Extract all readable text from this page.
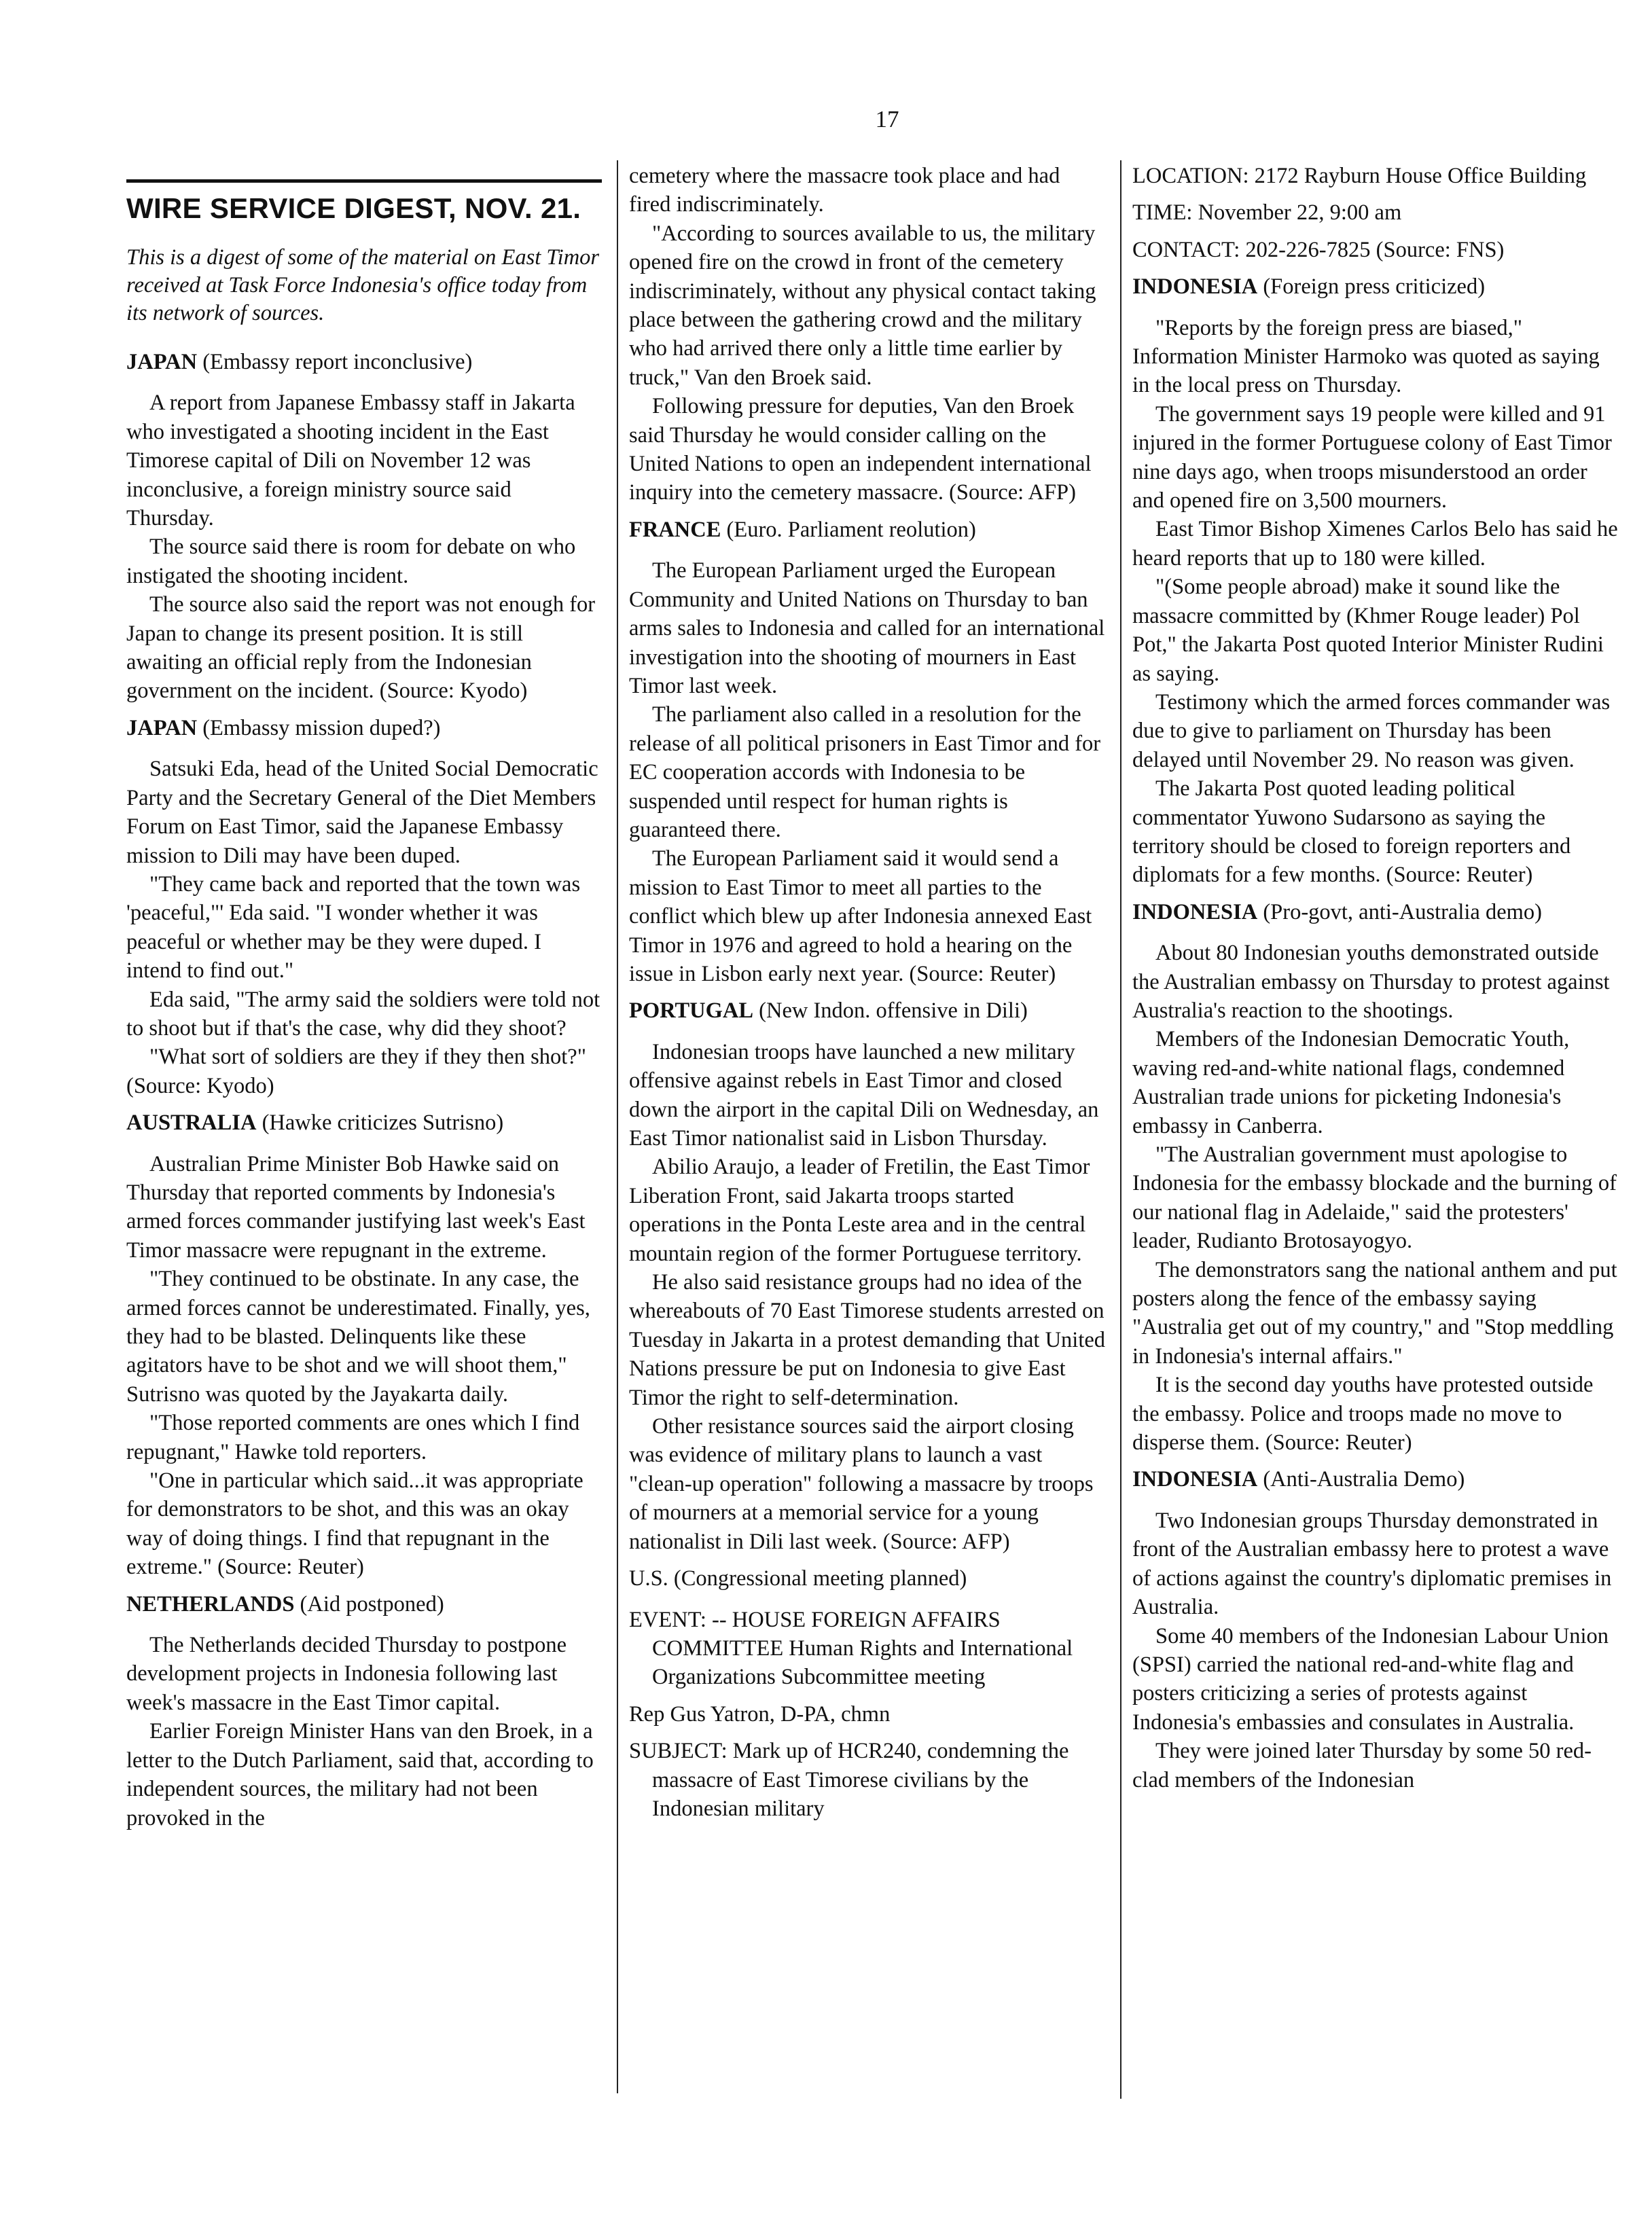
17
WIRE SERVICE DIGEST, NOV. 21.
This is a digest of some of the material on East Timor received at Task Force Indonesia's office today from its network of sources.
JAPAN (Embassy report inconclusive)

A report from Japanese Embassy staff in Jakarta who investigated a shooting incident in the East Timorese capital of Dili on November 12 was inconclusive, a foreign ministry source said Thursday.

The source said there is room for debate on who instigated the shooting incident.

The source also said the report was not enough for Japan to change its present position. It is still awaiting an official reply from the Indonesian government on the incident. (Source: Kyodo)

JAPAN (Embassy mission duped?)

Satsuki Eda, head of the United Social Democratic Party and the Secretary General of the Diet Members Forum on East Timor, said the Japanese Embassy mission to Dili may have been duped.

"They came back and reported that the town was 'peaceful,"' Eda said. "I wonder whether it was peaceful or whether may be they were duped. I intend to find out."

Eda said, "The army said the soldiers were told not to shoot but if that's the case, why did they shoot?

"What sort of soldiers are they if they then shot?" (Source: Kyodo)

AUSTRALIA (Hawke criticizes Sutrisno)

Australian Prime Minister Bob Hawke said on Thursday that reported comments by Indonesia's armed forces commander justifying last week's East Timor massacre were repugnant in the extreme.

"They continued to be obstinate. In any case, the armed forces cannot be underestimated. Finally, yes, they had to be blasted. Delinquents like these agitators have to be shot and we will shoot them," Sutrisno was quoted by the Jayakarta daily.

"Those reported comments are ones which I find repugnant," Hawke told reporters.

"One in particular which said...it was appropriate for demonstrators to be shot, and this was an okay way of doing things. I find that repugnant in the extreme." (Source: Reuter)

NETHERLANDS (Aid postponed)

The Netherlands decided Thursday to postpone development projects in Indonesia following last week's massacre in the East Timor capital.

Earlier Foreign Minister Hans van den Broek, in a letter to the Dutch Parliament, said that, according to independent sources, the military had not been provoked in the

cemetery where the massacre took place and had fired indiscriminately.

"According to sources available to us, the military opened fire on the crowd in front of the cemetery indiscriminately, without any physical contact taking place between the gathering crowd and the military who had arrived there only a little time earlier by truck," Van den Broek said.

Following pressure for deputies, Van den Broek said Thursday he would consider calling on the United Nations to open an independent international inquiry into the cemetery massacre. (Source: AFP)

FRANCE (Euro. Parliament reolution)

The European Parliament urged the European Community and United Nations on Thursday to ban arms sales to Indonesia and called for an international investigation into the shooting of mourners in East Timor last week.

The parliament also called in a resolution for the release of all political prisoners in East Timor and for EC cooperation accords with Indonesia to be suspended until respect for human rights is guaranteed there.

The European Parliament said it would send a mission to East Timor to meet all parties to the conflict which blew up after Indonesia annexed East Timor in 1976 and agreed to hold a hearing on the issue in Lisbon early next year. (Source: Reuter)

PORTUGAL (New Indon. offensive in Dili)

Indonesian troops have launched a new military offensive against rebels in East Timor and closed down the airport in the capital Dili on Wednesday, an East Timor nationalist said in Lisbon Thursday.

Abilio Araujo, a leader of Fretilin, the East Timor Liberation Front, said Jakarta troops started operations in the Ponta Leste area and in the central mountain region of the former Portuguese territory.

He also said resistance groups had no idea of the whereabouts of 70 East Timorese students arrested on Tuesday in Jakarta in a protest demanding that United Nations pressure be put on Indonesia to give East Timor the right to self-determination.

Other resistance sources said the airport closing was evidence of military plans to launch a vast "clean-up operation" following a massacre by troops of mourners at a memorial service for a young nationalist in Dili last week. (Source: AFP)

U.S. (Congressional meeting planned)
EVENT: -- HOUSE FOREIGN AFFAIRS COMMITTEE Human Rights and International Organizations Subcommittee meeting
Rep Gus Yatron, D-PA, chmn
SUBJECT: Mark up of HCR240, condemning the massacre of East Timorese civilians by the Indonesian military
LOCATION: 2172 Rayburn House Office Building
TIME: November 22, 9:00 am
CONTACT: 202-226-7825 (Source: FNS)
INDONESIA (Foreign press criticized)

"Reports by the foreign press are biased," Information Minister Harmoko was quoted as saying in the local press on Thursday.

The government says 19 people were killed and 91 injured in the former Portuguese colony of East Timor nine days ago, when troops misunderstood an order and opened fire on 3,500 mourners.

East Timor Bishop Ximenes Carlos Belo has said he heard reports that up to 180 were killed.

"(Some people abroad) make it sound like the massacre committed by (Khmer Rouge leader) Pol Pot," the Jakarta Post quoted Interior Minister Rudini as saying.

Testimony which the armed forces commander was due to give to parliament on Thursday has been delayed until November 29. No reason was given.

The Jakarta Post quoted leading political commentator Yuwono Sudarsono as saying the territory should be closed to foreign reporters and diplomats for a few months. (Source: Reuter)

INDONESIA (Pro-govt, anti-Australia demo)

About 80 Indonesian youths demonstrated outside the Australian embassy on Thursday to protest against Australia's reaction to the shootings.

Members of the Indonesian Democratic Youth, waving red-and-white national flags, condemned Australian trade unions for picketing Indonesia's embassy in Canberra.

"The Australian government must apologise to Indonesia for the embassy blockade and the burning of our national flag in Adelaide," said the protesters' leader, Rudianto Brotosayogyo.

The demonstrators sang the national anthem and put posters along the fence of the embassy saying "Australia get out of my country," and "Stop meddling in Indonesia's internal affairs."

It is the second day youths have protested outside the embassy. Police and troops made no move to disperse them. (Source: Reuter)

INDONESIA (Anti-Australia Demo)

Two Indonesian groups Thursday demonstrated in front of the Australian embassy here to protest a wave of actions against the country's diplomatic premises in Australia.

Some 40 members of the Indonesian Labour Union (SPSI) carried the national red-and-white flag and posters criticizing a series of protests against Indonesia's embassies and consulates in Australia.

They were joined later Thursday by some 50 red-clad members of the Indonesian
